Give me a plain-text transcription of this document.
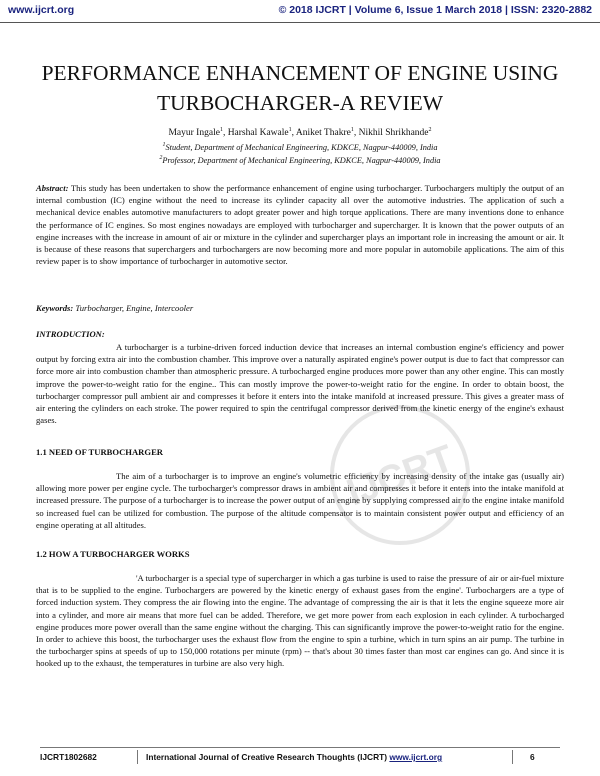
www.ijcrt.org	© 2018 IJCRT | Volume 6, Issue 1 March 2018 | ISSN: 2320-2882
PERFORMANCE ENHANCEMENT OF ENGINE USING TURBOCHARGER-A REVIEW
Mayur Ingale$^1$, Harshal Kawale$^1$, Aniket Thakre$^1$, Nikhil Shrikhande$^2$
$^1$Student, Department of Mechanical Engineering, KDKCE, Nagpur-440009, India
$^2$Professor, Department of Mechanical Engineering, KDKCE, Nagpur-440009, India
Abstract: This study has been undertaken to show the performance enhancement of engine using turbocharger. Turbochargers multiply the output of an internal combustion (IC) engine without the need to increase its cylinder capacity all over the automotive industries. The application of such a mechanical device enables automotive manufacturers to adopt greater power and high torque applications. There are many inventions done to enhance the performance of IC engines. So most engines nowadays are employed with turbocharger and supercharger. It is known that the power outputs of an engine increases with the increase in amount of air or mixture in the cylinder and supercharger plays an important role in increasing the amount or air. It is because of these reasons that superchargers and turbochargers are now becoming more and more popular in automobile applications. The aim of this review paper is to show importance of turbocharger in automotive sector.
Keywords: Turbocharger, Engine, Intercooler
INTRODUCTION:
A turbocharger is a turbine-driven forced induction device that increases an internal combustion engine's efficiency and power output by forcing extra air into the combustion chamber. This improve over a naturally aspirated engine's power output is due to fact that compressor can force more air into combustion chamber than atmospheric pressure. A turbocharged engine produces more power than any other engine. This can mostly improve the power-to-weight ratio for the engine.. This can mostly improve the power-to-weight ratio for the engine. In order to obtain boost, the turbocharger compressor pull ambient air and compresses it before it enters into the intake manifold at increased pressure. This gives a greater mass of air entering the cylinders on each stroke. The power required to spin the centrifugal compressor derived from the kinetic energy of the engine's exhaust gases.
IJCRT
1.1 NEED OF TURBOCHARGER
The aim of a turbocharger is to improve an engine's volumetric efficiency by increasing density of the intake gas (usually air) allowing more power per engine cycle. The turbocharger's compressor draws in ambient air and compresses it before it enters into the intake manifold at increased pressure. The purpose of a turbocharger is to increase the power output of an engine by supplying compressed air to the engine intake manifold so increased fuel can be utilized for combustion. The purpose of the altitude compensator is to maintain consistent power output and efficiency of an engine operating at all altitudes.
1.2 HOW A TURBOCHARGER WORKS
'A turbocharger is a special type of supercharger in which a gas turbine is used to raise the pressure of air or air-fuel mixture that is to be supplied to the engine. Turbochargers are powered by the kinetic energy of exhaust gases from the engine'. Turbochargers are a type of forced induction system. They compress the air flowing into the engine. The advantage of compressing the air is that it lets the engine squeeze more air into a cylinder, and more air means that more fuel can be added. Therefore, we get more power from each explosion in each cylinder. A turbocharged engine produces more power overall than the same engine without the charging. This can significantly improve the power-to-weight ratio for the engine. In order to achieve this boost, the turbocharger uses the exhaust flow from the engine to spin a turbine, which in turn spins an air pump. The turbine in the turbocharger spins at speeds of up to 150,000 rotations per minute (rpm) -- that's about 30 times faster than most car engines can go. And since it is hooked up to the exhaust, the temperatures in turbine are also very high.
IJCRT1802682	International Journal of Creative Research Thoughts (IJCRT) www.ijcrt.org	6
